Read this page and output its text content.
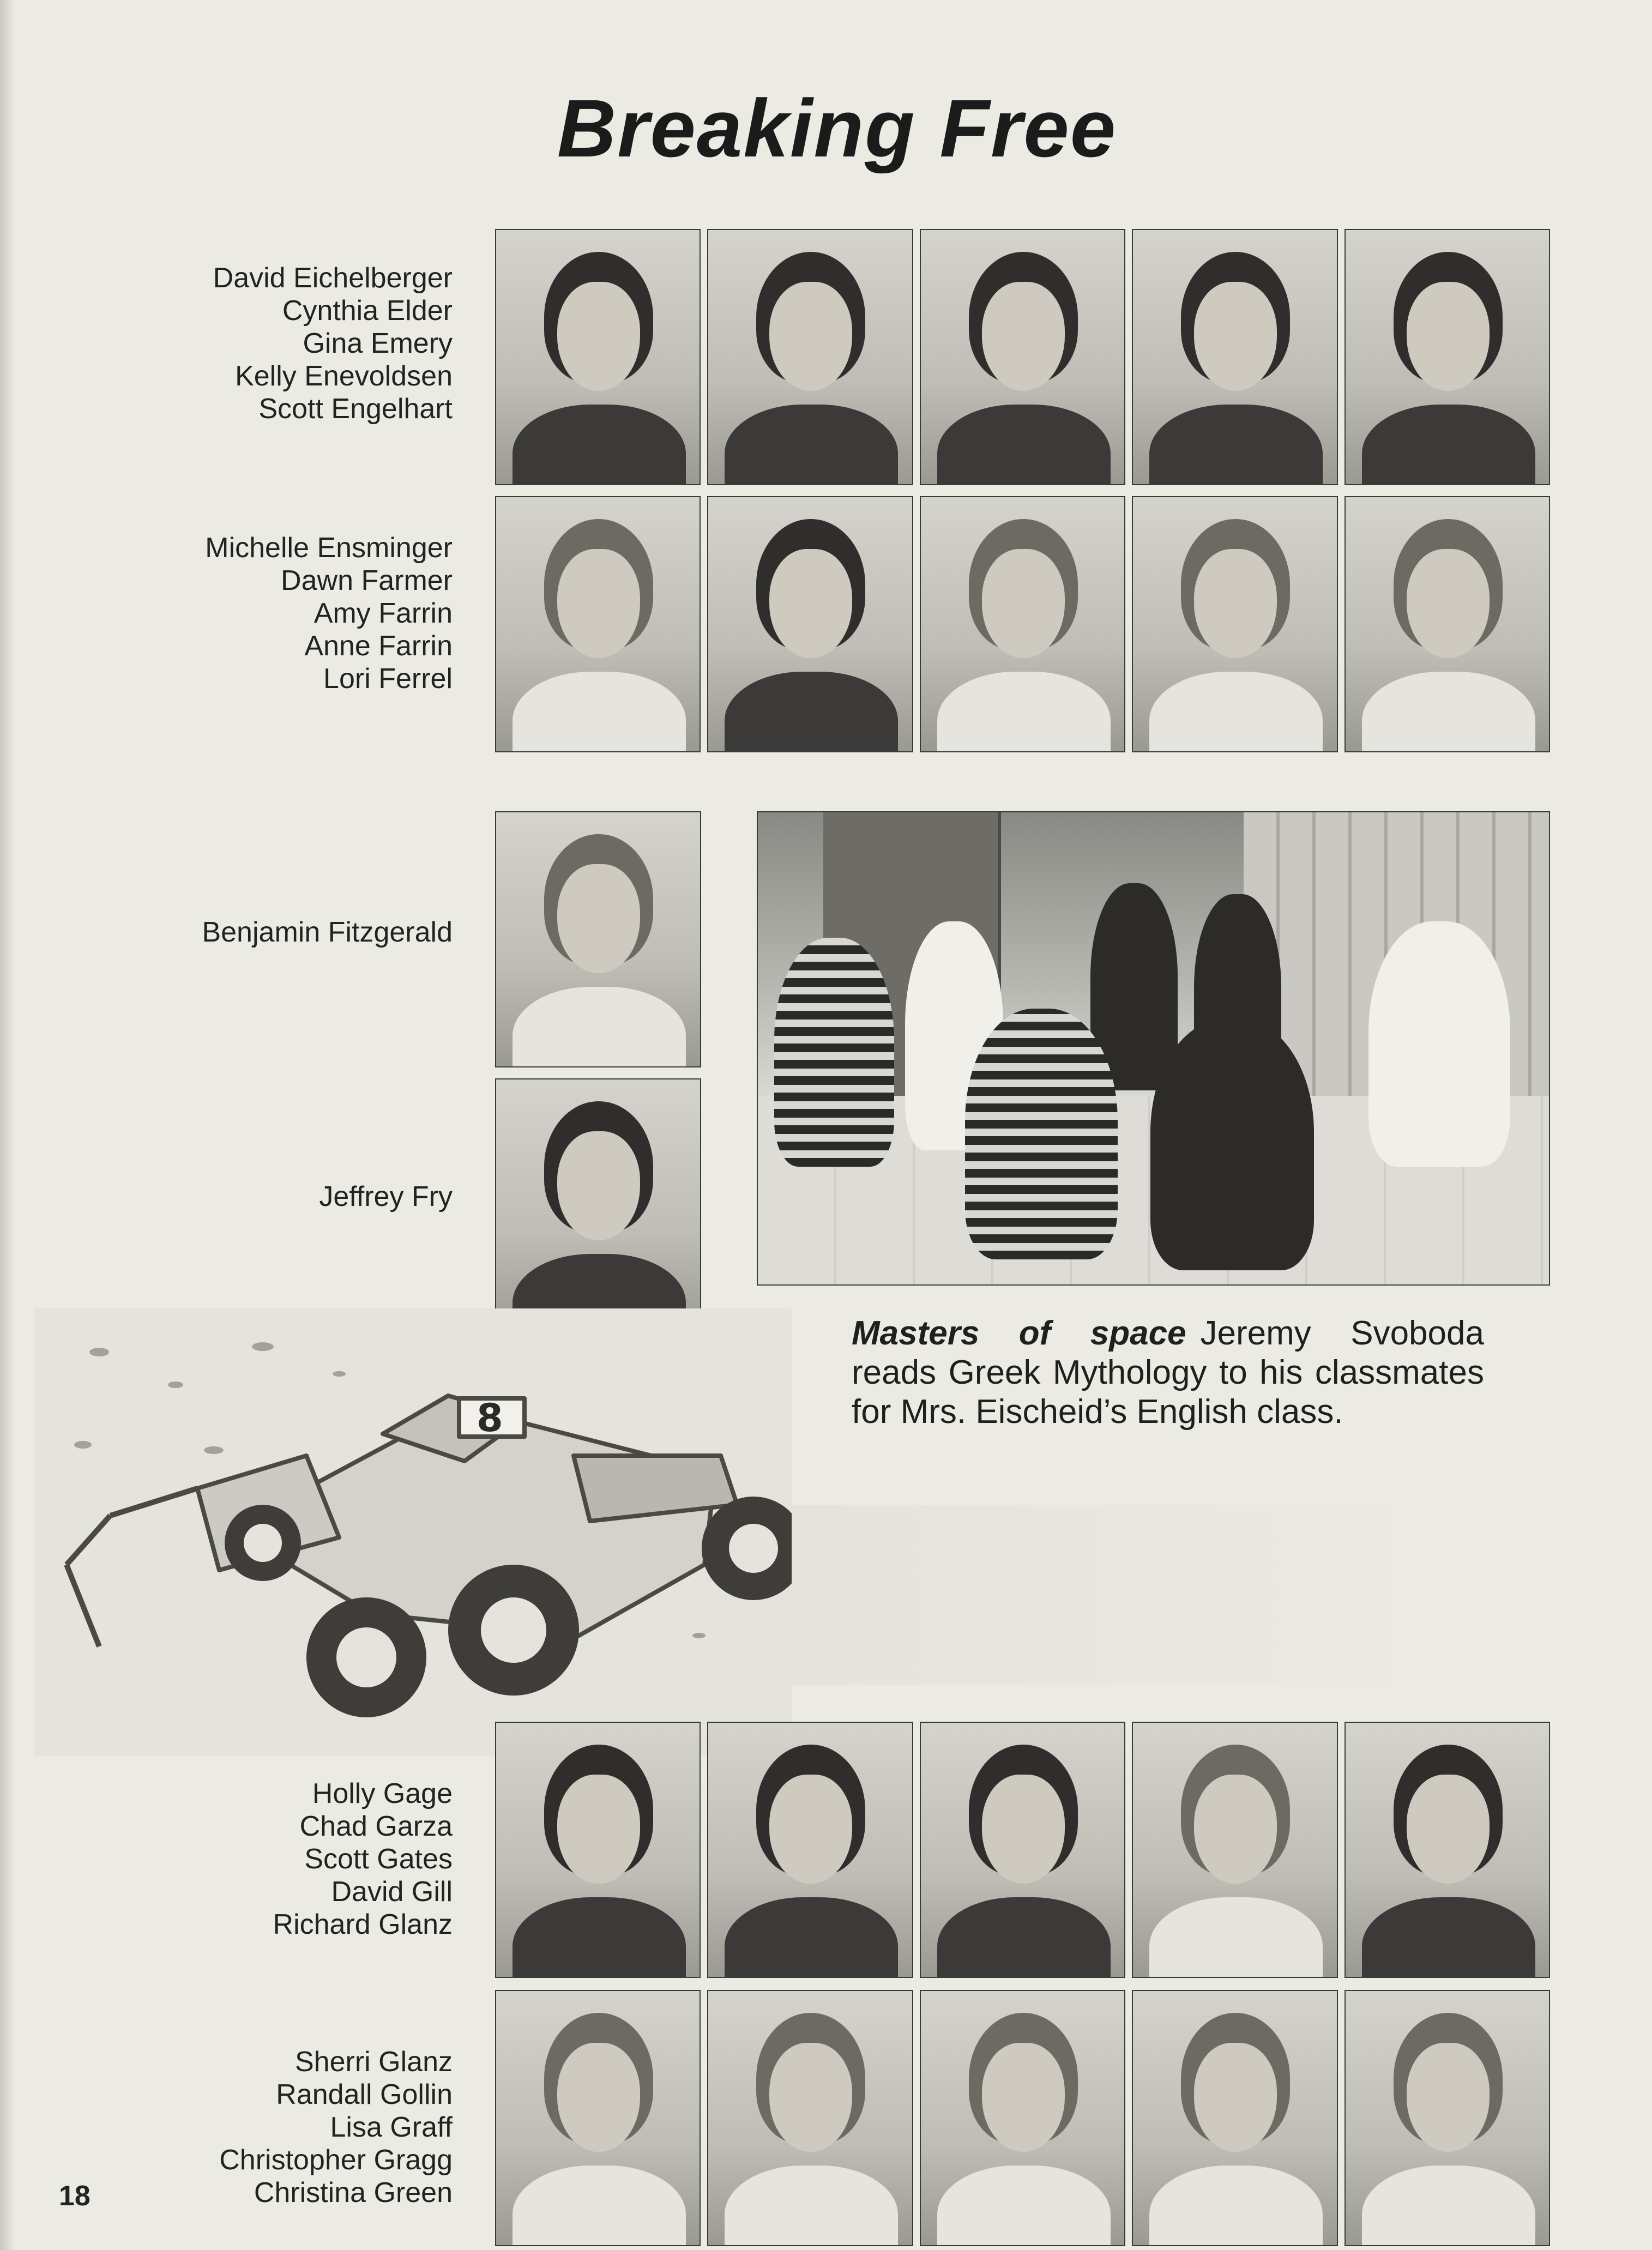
Breaking Free
David Eichelberger
Cynthia Elder
Gina Emery
Kelly Enevoldsen
Scott Engelhart
Michelle Ensminger
Dawn Farmer
Amy Farrin
Anne Farrin
Lori Ferrel
Benjamin Fitzgerald
Jeffrey Fry
Masters of space Jeremy Svoboda reads Greek Mythology to his classmates for Mrs. Eischeid’s English class.
8
Holly Gage
Chad Garza
Scott Gates
David Gill
Richard Glanz
Sherri Glanz
Randall Gollin
Lisa Graff
Christopher Gragg
Christina Green
18
